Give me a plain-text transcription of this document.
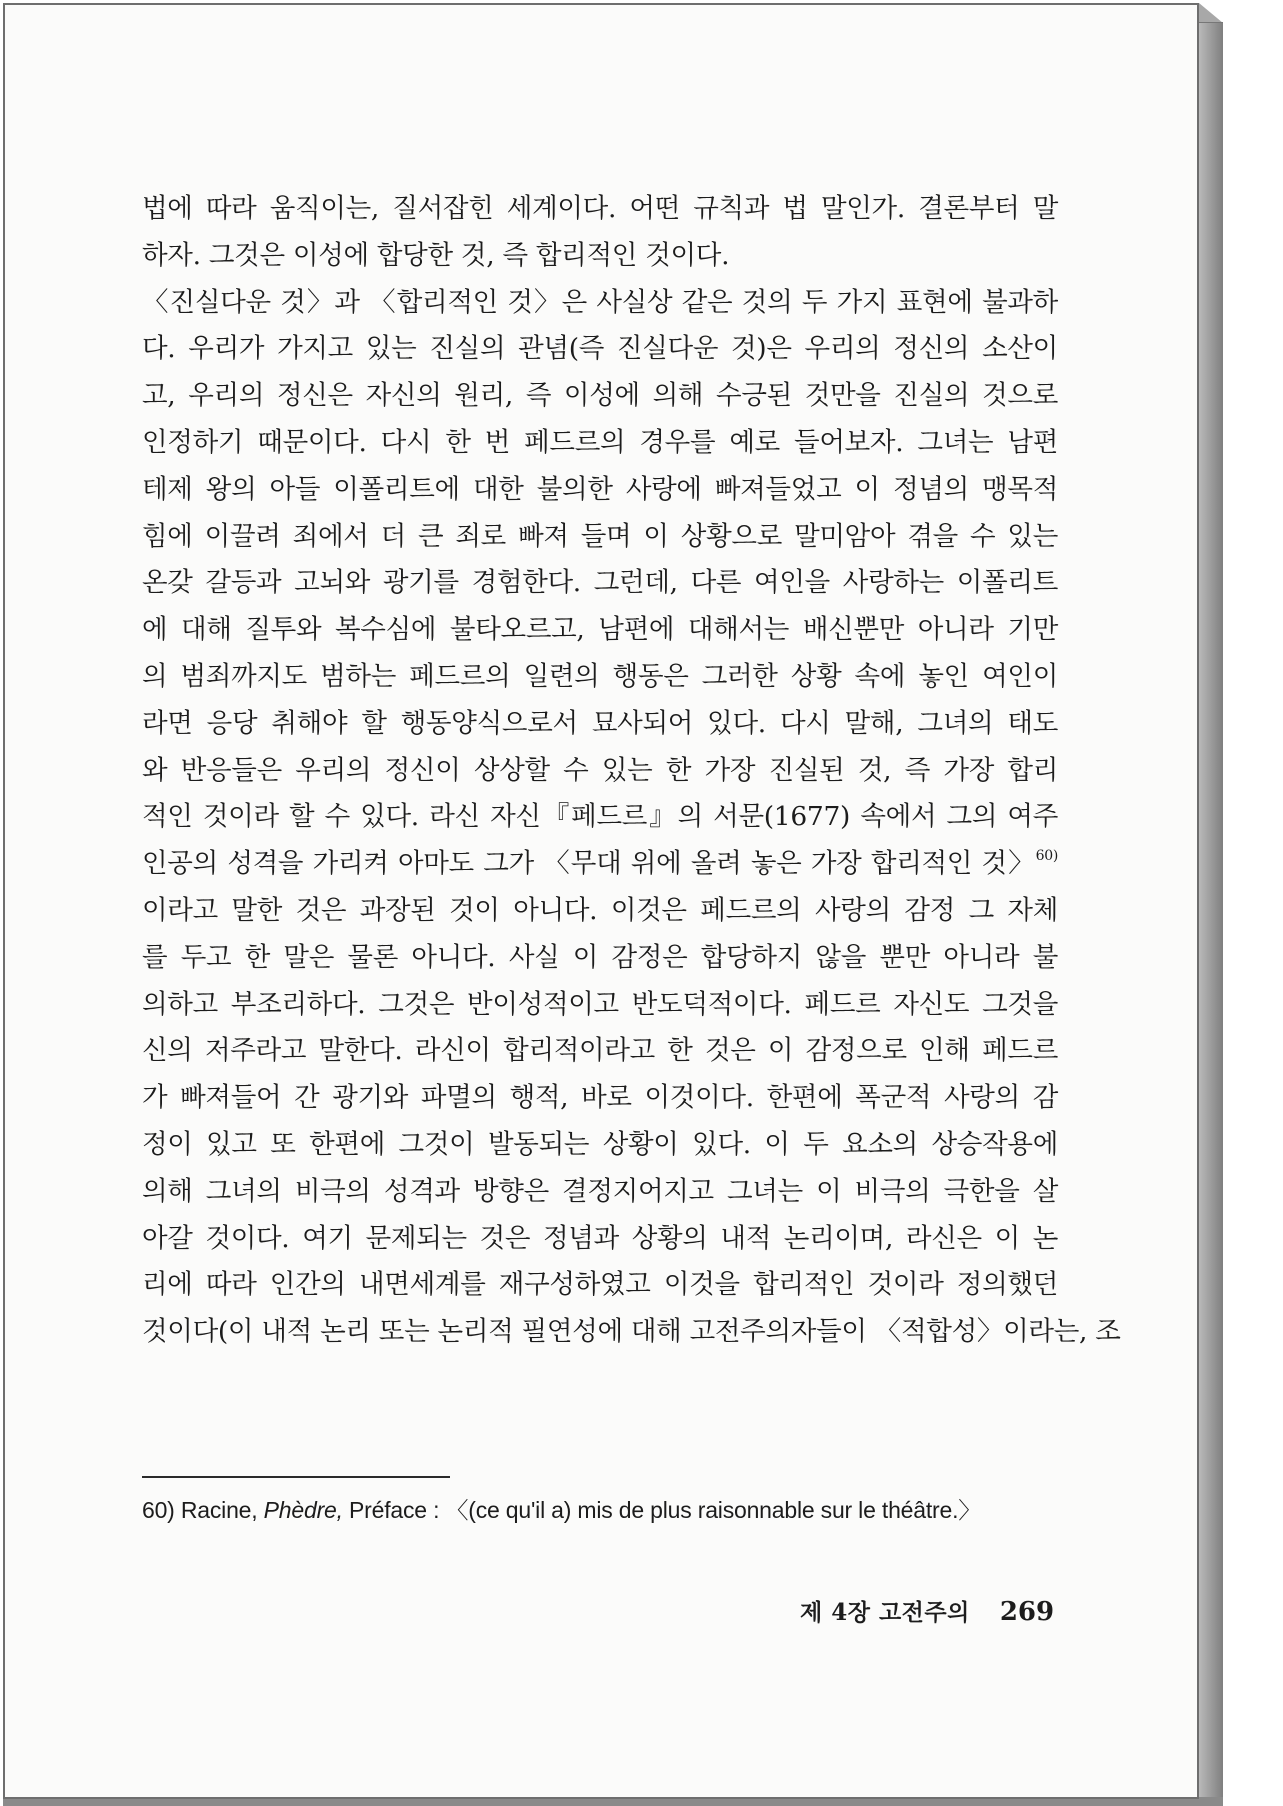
법에 따라 움직이는, 질서잡힌 세계이다. 어떤 규칙과 법 말인가. 결론부터 말
하자. 그것은 이성에 합당한 것, 즉 합리적인 것이다.
〈진실다운 것〉과 〈합리적인 것〉은 사실상 같은 것의 두 가지 표현에 불과하
다. 우리가 가지고 있는 진실의 관념(즉 진실다운 것)은 우리의 정신의 소산이
고, 우리의 정신은 자신의 원리, 즉 이성에 의해 수긍된 것만을 진실의 것으로
인정하기 때문이다. 다시 한 번 페드르의 경우를 예로 들어보자. 그녀는 남편
테제 왕의 아들 이폴리트에 대한 불의한 사랑에 빠져들었고 이 정념의 맹목적
힘에 이끌려 죄에서 더 큰 죄로 빠져 들며 이 상황으로 말미암아 겪을 수 있는
온갖 갈등과 고뇌와 광기를 경험한다. 그런데, 다른 여인을 사랑하는 이폴리트
에 대해 질투와 복수심에 불타오르고, 남편에 대해서는 배신뿐만 아니라 기만
의 범죄까지도 범하는 페드르의 일련의 행동은 그러한 상황 속에 놓인 여인이
라면 응당 취해야 할 행동양식으로서 묘사되어 있다. 다시 말해, 그녀의 태도
와 반응들은 우리의 정신이 상상할 수 있는 한 가장 진실된 것, 즉 가장 합리
적인 것이라 할 수 있다. 라신 자신『페드르』의 서문(1677) 속에서 그의 여주
인공의 성격을 가리켜 아마도 그가 〈무대 위에 올려 놓은 가장 합리적인 것〉$^{60)}$
이라고 말한 것은 과장된 것이 아니다. 이것은 페드르의 사랑의 감정 그 자체
를 두고 한 말은 물론 아니다. 사실 이 감정은 합당하지 않을 뿐만 아니라 불
의하고 부조리하다. 그것은 반이성적이고 반도덕적이다. 페드르 자신도 그것을
신의 저주라고 말한다. 라신이 합리적이라고 한 것은 이 감정으로 인해 페드르
가 빠져들어 간 광기와 파멸의 행적, 바로 이것이다. 한편에 폭군적 사랑의 감
정이 있고 또 한편에 그것이 발동되는 상황이 있다. 이 두 요소의 상승작용에
의해 그녀의 비극의 성격과 방향은 결정지어지고 그녀는 이 비극의 극한을 살
아갈 것이다. 여기 문제되는 것은 정념과 상황의 내적 논리이며, 라신은 이 논
리에 따라 인간의 내면세계를 재구성하였고 이것을 합리적인 것이라 정의했던
것이다(이 내적 논리 또는 논리적 필연성에 대해 고전주의자들이 〈적합성〉이라는, 조
60) Racine, Phèdre, Préface : 〈(ce qu'il a) mis de plus raisonnable sur le théâtre.〉
제 4장 고전주의 269
